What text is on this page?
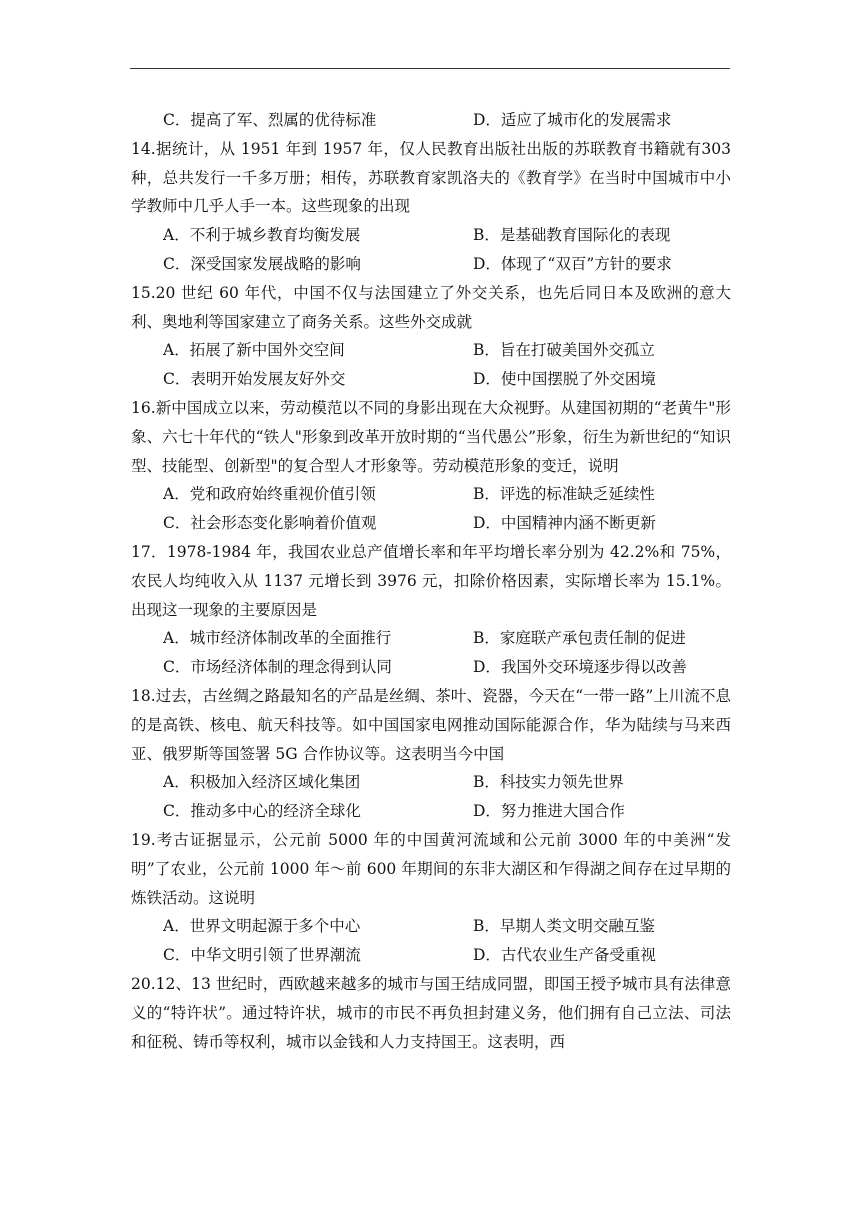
C．提高了军、烈属的优待标准	D．适应了城市化的发展需求

14.据统计，从 1951 年到 1957 年，仅人民教育出版社出版的苏联教育书籍就有303 种，总共发行一千多万册；相传，苏联教育家凯洛夫的《教育学》在当时中国城市中小学教师中几乎人手一本。这些现象的出现

A．不利于城乡教育均衡发展	B．是基础教育国际化的表现
C．深受国家发展战略的影响	D．体现了“双百”方针的要求

15.20 世纪 60 年代，中国不仅与法国建立了外交关系，也先后同日本及欧洲的意大利、奥地利等国家建立了商务关系。这些外交成就

A．拓展了新中国外交空间	B．旨在打破美国外交孤立
C．表明开始发展友好外交	D．使中国摆脱了外交困境

16.新中国成立以来，劳动模范以不同的身影出现在大众视野。从建国初期的“老黄牛"形象、六七十年代的“铁人"形象到改革开放时期的“当代愚公”形象，衍生为新世纪的“知识型、技能型、创新型"的复合型人才形象等。劳动模范形象的变迁，说明

A．党和政府始终重视价值引领	B．评选的标准缺乏延续性
C．社会形态变化影响着价值观	D．中国精神内涵不断更新

17．1978-1984 年，我国农业总产值增长率和年平均增长率分别为 42.2%和 75%，农民人均纯收入从 1137 元增长到 3976 元，扣除价格因素，实际增长率为 15.1%。出现这一现象的主要原因是

A．城市经济体制改革的全面推行	B．家庭联产承包责任制的促进
C．市场经济体制的理念得到认同	D．我国外交环境逐步得以改善

18.过去，古丝绸之路最知名的产品是丝绸、茶叶、瓷器，今天在“一带一路”上川流不息的是高铁、核电、航天科技等。如中国国家电网推动国际能源合作，华为陆续与马来西亚、俄罗斯等国签署 5G 合作协议等。这表明当今中国

A．积极加入经济区域化集团	B．科技实力领先世界
C．推动多中心的经济全球化	D．努力推进大国合作

19.考古证据显示，公元前 5000 年的中国黄河流域和公元前 3000 年的中美洲“发明”了农业，公元前 1000 年～前 600 年期间的东非大湖区和乍得湖之间存在过早期的炼铁活动。这说明

A．世界文明起源于多个中心	B．早期人类文明交融互鉴
C．中华文明引领了世界潮流	D．古代农业生产备受重视

20.12、13 世纪时，西欧越来越多的城市与国王结成同盟，即国王授予城市具有法律意义的“特许状”。通过特许状，城市的市民不再负担封建义务，他们拥有自己立法、司法和征税、铸币等权利，城市以金钱和人力支持国王。这表明，西
